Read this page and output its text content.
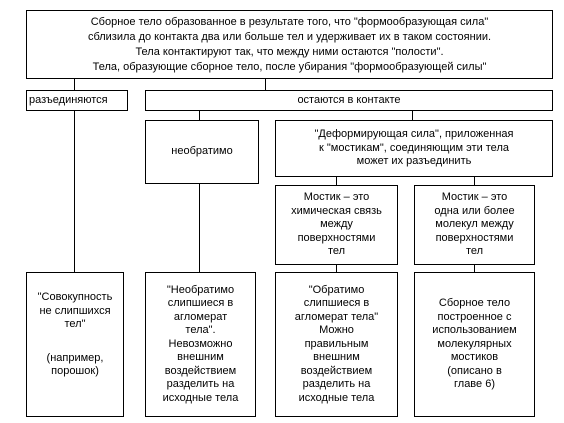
Сборное тело образованное в результате того, что "формообразующая сила"
сблизила до контакта два или больше тел и удерживает их в таком состоянии.
Тела контактируют так, что между ними остаются "полости".
Тела, образующие сборное тело, после убирания "формообразующей силы"
разъединяются	остаются в контакте
необратимо
"Деформирующая сила", приложенная
к "мостикам", соединяющим эти тела
может их разъединить
Мостик – это
химическая связь
между
поверхностями
тел
Мостик – это
одна или более
молекул между
поверхностями
тел
"Совокупность
не слипшихся
тел"
(например,
порошок)
"Необратимо
слипшиеся в
агломерат
тела".
Невозможно
внешним
воздействием
разделить на
исходные тела
"Обратимо
слипшиеся в
агломерат тела"
Можно
правильным
внешним
воздействием
разделить на
исходные тела
Сборное тело
построенное с
использованием
молекулярных
мостиков
(описано в
главе 6)
